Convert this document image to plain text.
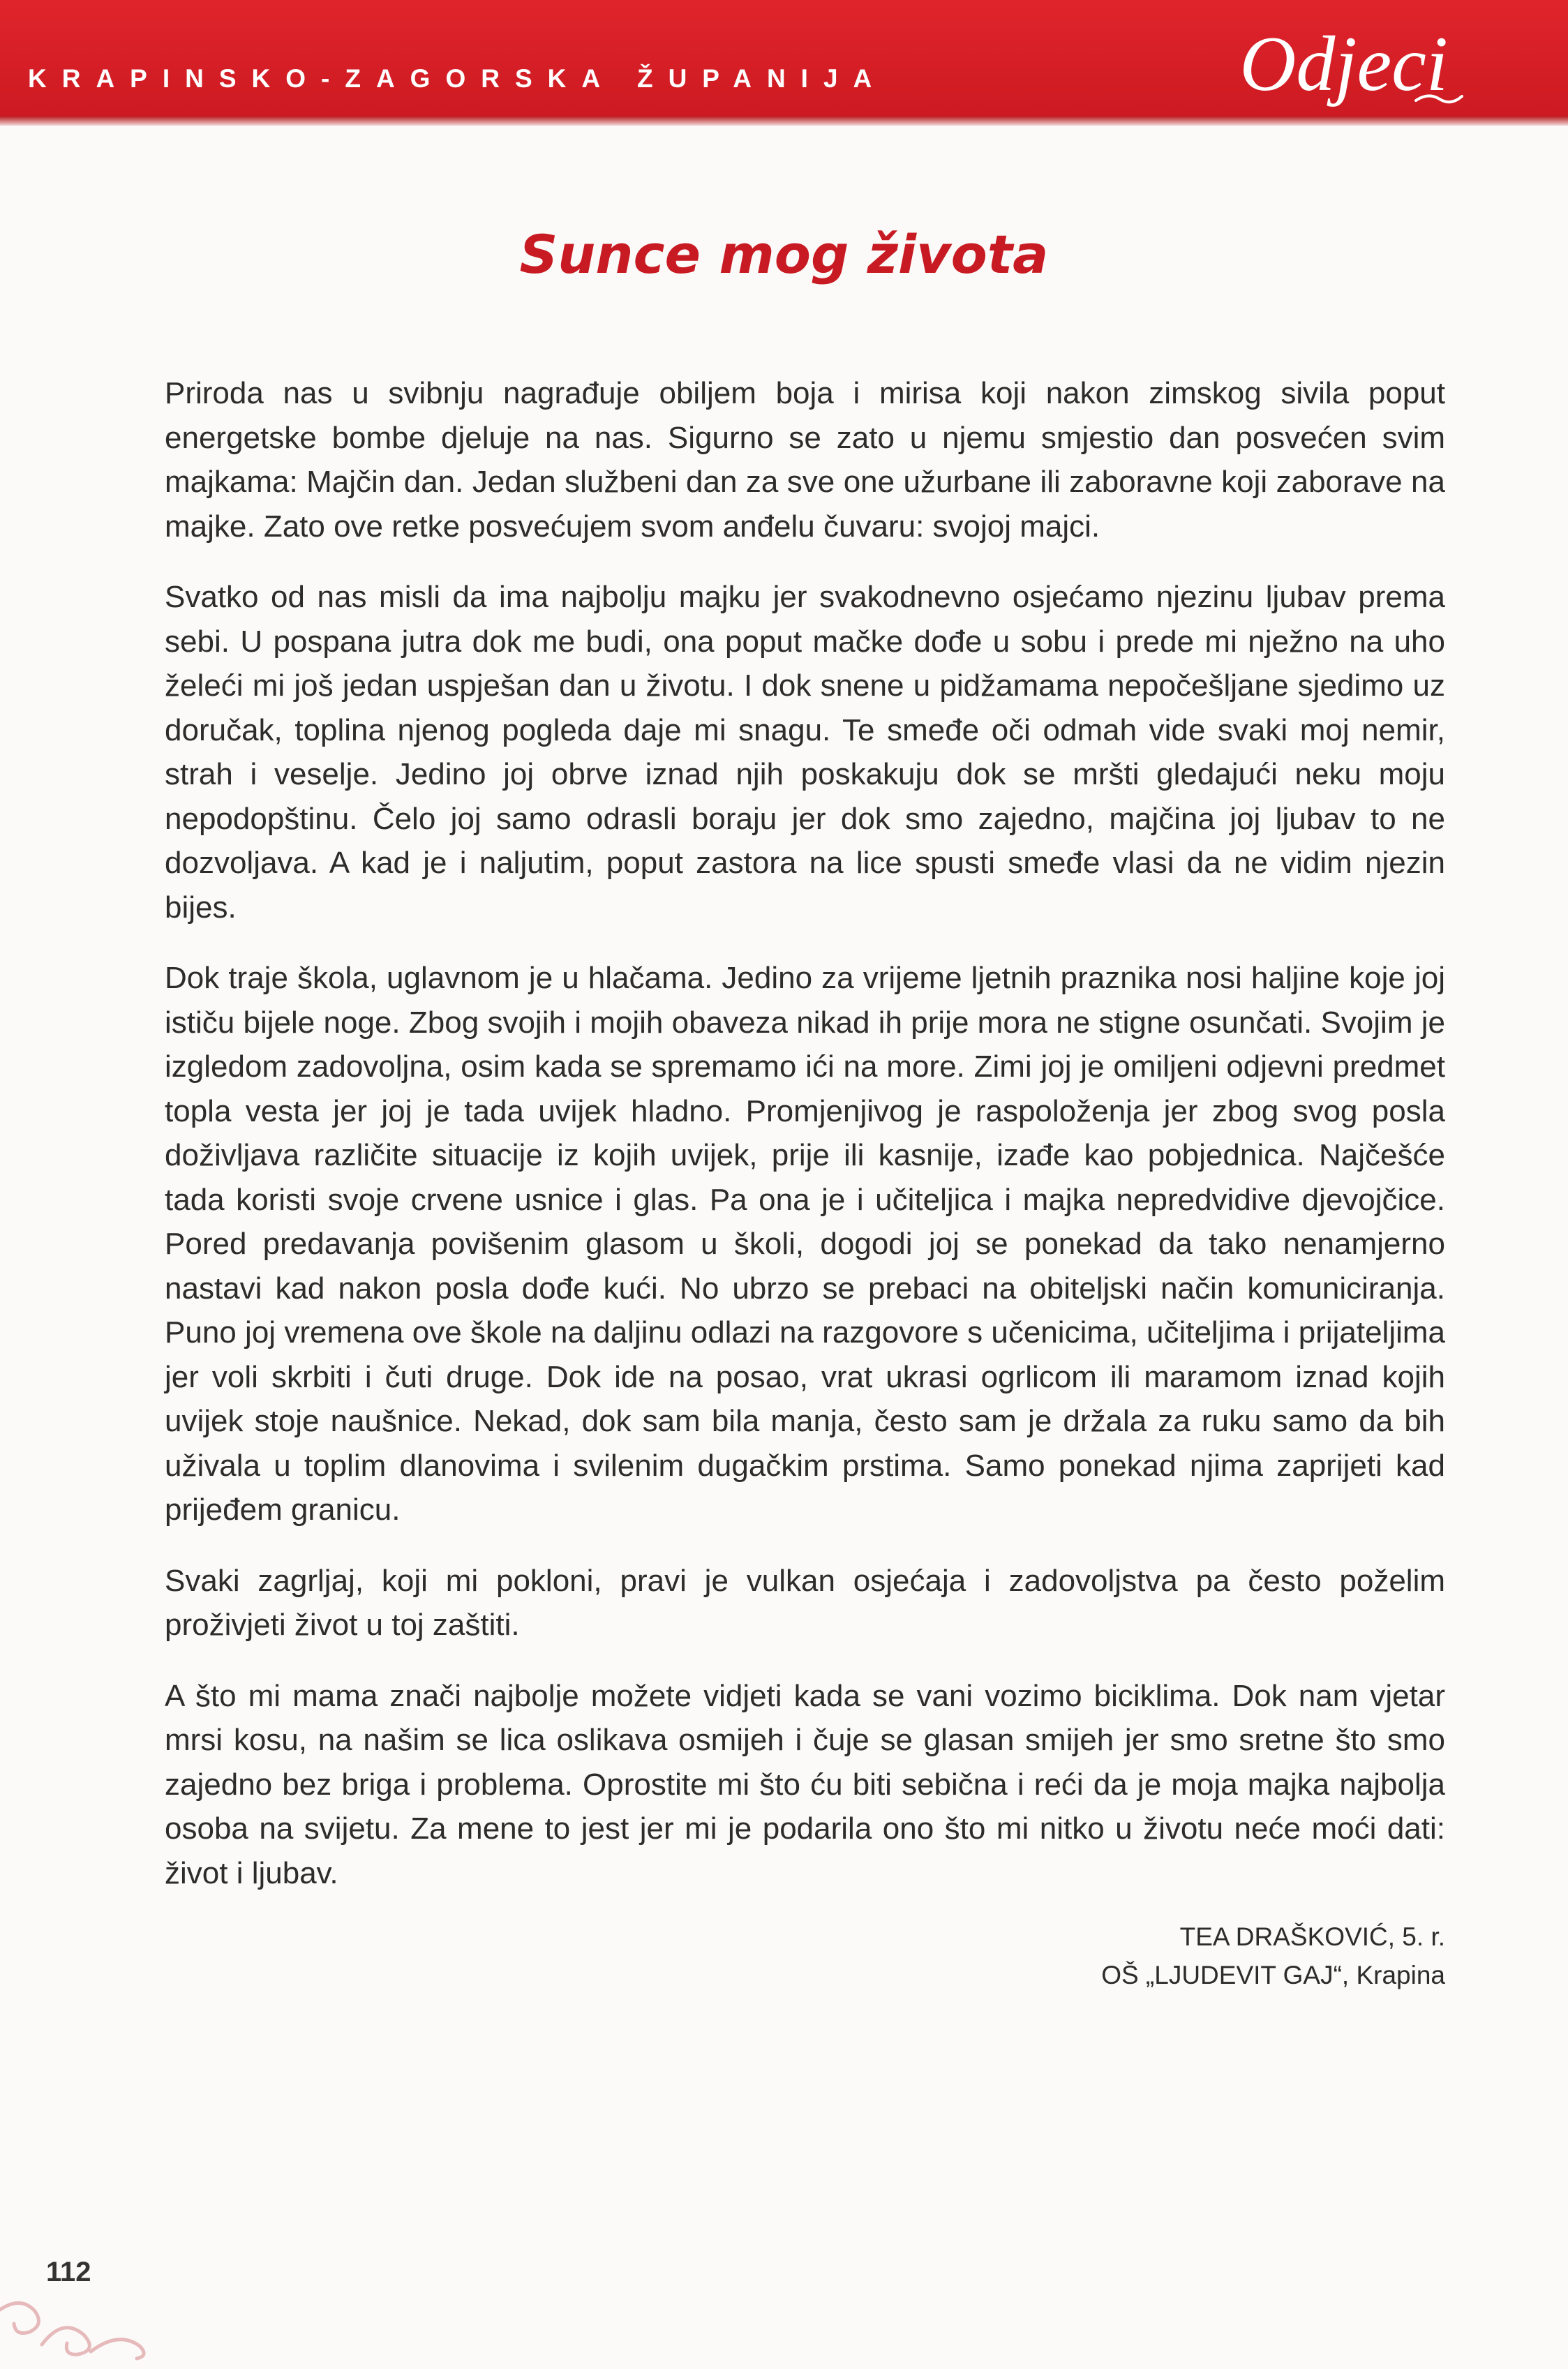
KRAPINSKO-ZAGORSKA ŽUPANIJA	Odjeci
Sunce mog života

Priroda nas u svibnju nagrađuje obiljem boja i mirisa koji nakon zimskog sivila poput energetske bombe djeluje na nas. Sigurno se zato u njemu smjestio dan posvećen svim majkama: Majčin dan. Jedan službeni dan za sve one užurbane ili zaboravne koji zaboravе na majke. Zato ove retke posvećujem svom anđelu čuvaru: svojoj majci.

Svatko od nas misli da ima najbolju majku jer svakodnevno osjećamo njezinu ljubav prema sebi. U pospana jutra dok me budi, ona poput mačke dođe u sobu i prede mi nježno na uho želeći mi još jedan uspješan dan u životu. I dok snene u pidžamama nepočešljane sjedimo uz doručak, toplina njenog pogleda daje mi snagu. Te smeđe oči odmah vide svaki moj nemir, strah i veselje. Jedino joj obrve iznad njih poskakuju dok se mršti gledajući neku moju nepodopštinu. Čelo joj samo odrasli boraju jer dok smo zajedno, majčina joj ljubav to ne dozvoljava. A kad je i naljutim, poput zastora na lice spusti smeđe vlasi da ne vidim njezin bijes.

Dok traje škola, uglavnom je u hlačama. Jedino za vrijeme ljetnih praznika nosi haljine koje joj ističu bijele noge. Zbog svojih i mojih obaveza nikad ih prije mora ne stigne osunčati. Svojim je izgledom zadovoljna, osim kada se spremamo ići na more. Zimi joj je omiljeni odjevni predmet topla vesta jer joj je tada uvijek hladno. Promjenjivog je raspoloženja jer zbog svog posla doživljava različite situacije iz kojih uvijek, prije ili kasnije, izađe kao pobjednica. Najčešće tada koristi svoje crvene usnice i glas. Pa ona je i učiteljica i majka nepredvidive djevojčice. Pored predavanja povišenim glasom u školi, dogodi joj se ponekad da tako nenamjerno nastavi kad nakon posla dođe kući. No ubrzo se prebaci na obiteljski način komuniciranja. Puno joj vremena ove škole na daljinu odlazi na razgovore s učenicima, učiteljima i prijateljima jer voli skrbiti i čuti druge. Dok ide na posao, vrat ukrasi ogrlicom ili maramom iznad kojih uvijek stoje naušnice. Nekad, dok sam bila manja, često sam je držala za ruku samo da bih uživala u toplim dlanovima i svilenim dugačkim prstima. Samo ponekad njima zaprijeti kad prijeđem granicu.

Svaki zagrljaj, koji mi pokloni, pravi je vulkan osjećaja i zadovoljstva pa često poželim proživjeti život u toj zaštiti.

A što mi mama znači najbolje možete vidjeti kada se vani vozimo biciklima. Dok nam vjetar mrsi kosu, na našim se lica oslikava osmijeh i čuje se glasan smijeh jer smo sretne što smo zajedno bez briga i problema. Oprostite mi što ću biti sebična i reći da je moja majka najbolja osoba na svijetu. Za mene to jest jer mi je podarila ono što mi nitko u životu neće moći dati: život i ljubav.

TEA DRAŠKOVIĆ, 5. r.
OŠ „LJUDEVIT GAJ“, Krapina
112
